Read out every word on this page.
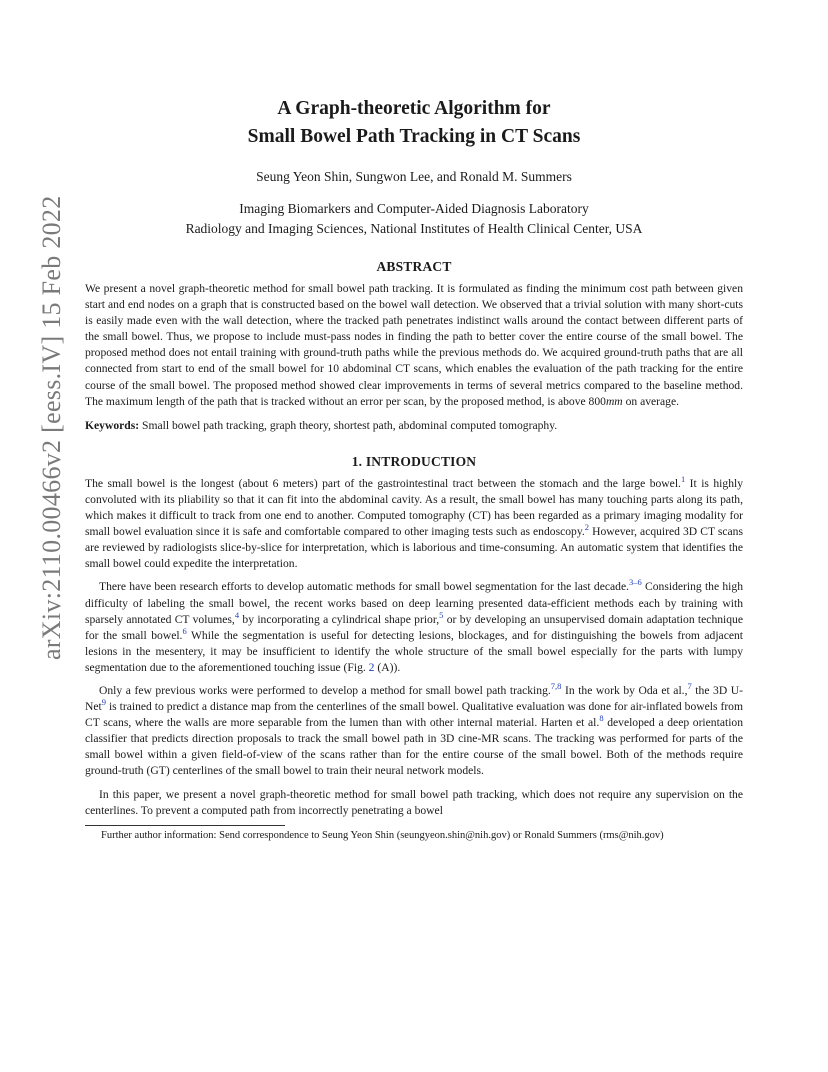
arXiv:2110.00466v2 [eess.IV] 15 Feb 2022
A Graph-theoretic Algorithm for
Small Bowel Path Tracking in CT Scans
Seung Yeon Shin, Sungwon Lee, and Ronald M. Summers
Imaging Biomarkers and Computer-Aided Diagnosis Laboratory
Radiology and Imaging Sciences, National Institutes of Health Clinical Center, USA
ABSTRACT

We present a novel graph-theoretic method for small bowel path tracking. It is formulated as finding the minimum cost path between given start and end nodes on a graph that is constructed based on the bowel wall detection. We observed that a trivial solution with many short-cuts is easily made even with the wall detection, where the tracked path penetrates indistinct walls around the contact between different parts of the small bowel. Thus, we propose to include must-pass nodes in finding the path to better cover the entire course of the small bowel. The proposed method does not entail training with ground-truth paths while the previous methods do. We acquired ground-truth paths that are all connected from start to end of the small bowel for 10 abdominal CT scans, which enables the evaluation of the path tracking for the entire course of the small bowel. The proposed method showed clear improvements in terms of several metrics compared to the baseline method. The maximum length of the path that is tracked without an error per scan, by the proposed method, is above 800mm on average.

Keywords: Small bowel path tracking, graph theory, shortest path, abdominal computed tomography.

1. INTRODUCTION

The small bowel is the longest (about 6 meters) part of the gastrointestinal tract between the stomach and the large bowel.$^1$ It is highly convoluted with its pliability so that it can fit into the abdominal cavity. As a result, the small bowel has many touching parts along its path, which makes it difficult to track from one end to another. Computed tomography (CT) has been regarded as a primary imaging modality for small bowel evaluation since it is safe and comfortable compared to other imaging tests such as endoscopy.$^2$ However, acquired 3D CT scans are reviewed by radiologists slice-by-slice for interpretation, which is laborious and time-consuming. An automatic system that identifies the small bowel could expedite the interpretation.

There have been research efforts to develop automatic methods for small bowel segmentation for the last decade.$^{3-6}$ Considering the high difficulty of labeling the small bowel, the recent works based on deep learning presented data-efficient methods each by training with sparsely annotated CT volumes,$^4$ by incorporating a cylindrical shape prior,$^5$ or by developing an unsupervised domain adaptation technique for the small bowel.$^6$ While the segmentation is useful for detecting lesions, blockages, and for distinguishing the bowels from adjacent lesions in the mesentery, it may be insufficient to identify the whole structure of the small bowel especially for the parts with lumpy segmentation due to the aforementioned touching issue (Fig. 2 (A)).

Only a few previous works were performed to develop a method for small bowel path tracking.$^{7,8}$ In the work by Oda et al.,$^7$ the 3D U-Net$^9$ is trained to predict a distance map from the centerlines of the small bowel. Qualitative evaluation was done for air-inflated bowels from CT scans, where the walls are more separable from the lumen than with other internal material. Harten et al.$^8$ developed a deep orientation classifier that predicts direction proposals to track the small bowel path in 3D cine-MR scans. The tracking was performed for parts of the small bowel within a given field-of-view of the scans rather than for the entire course of the small bowel. Both of the methods require ground-truth (GT) centerlines of the small bowel to train their neural network models.

In this paper, we present a novel graph-theoretic method for small bowel path tracking, which does not require any supervision on the centerlines. To prevent a computed path from incorrectly penetrating a bowel

Further author information: Send correspondence to Seung Yeon Shin (seungyeon.shin@nih.gov) or Ronald Summers (rms@nih.gov)
